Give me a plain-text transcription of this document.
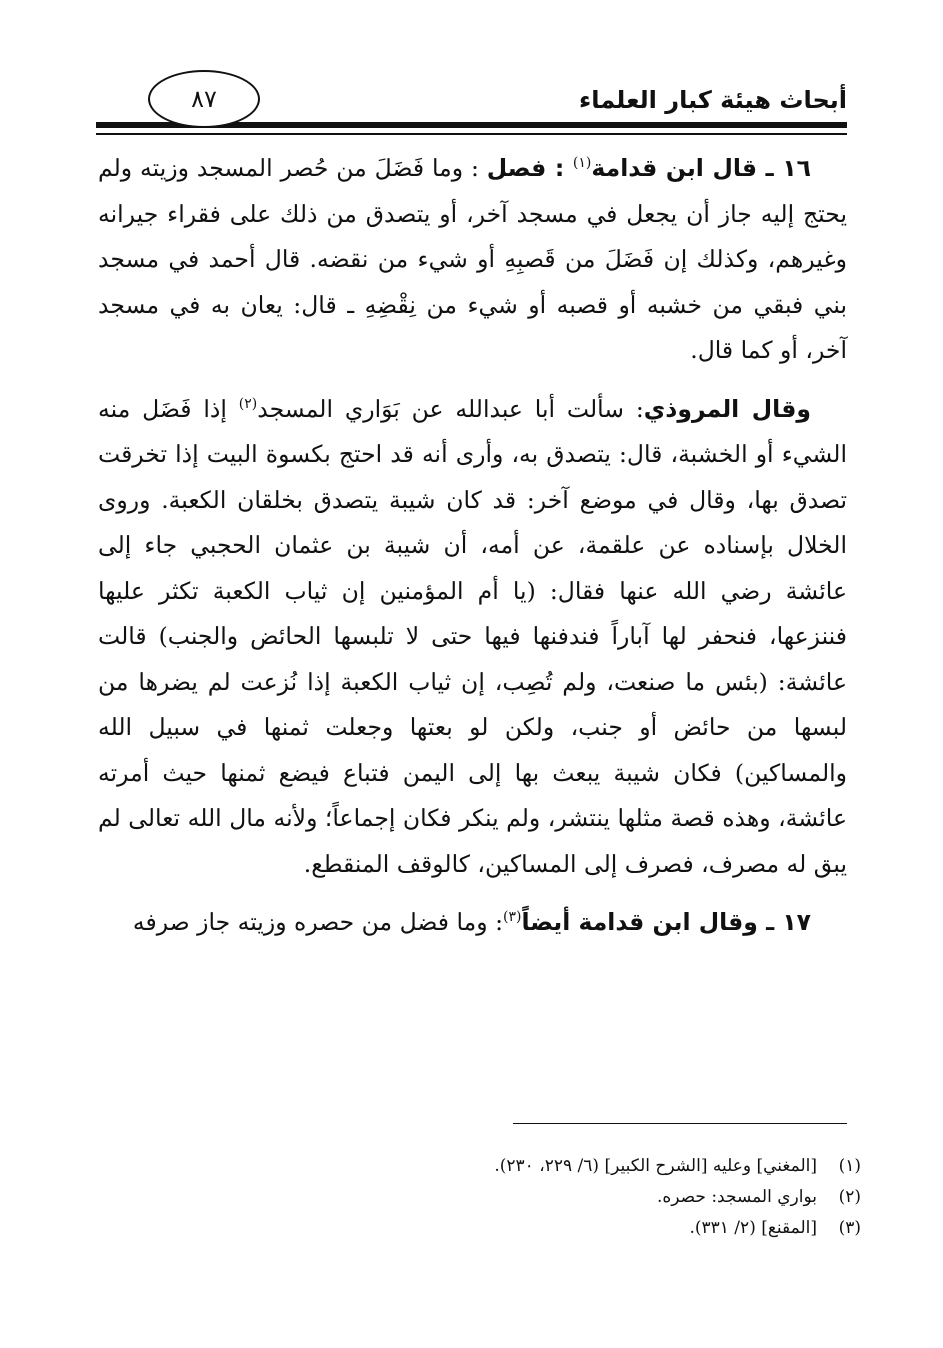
أبحاث هيئة كبار العلماء
٨٧

١٦ ـ قال ابن قدامة$^{(١)}$ : فصل : وما فَضَلَ من حُصر المسجد وزيته ولم يحتج إليه جاز أن يجعل في مسجد آخر، أو يتصدق من ذلك على فقراء جيرانه وغيرهم، وكذلك إن فَضَلَ من قَصبِهِ أو شيء من نقضه. قال أحمد في مسجد بني فبقي من خشبه أو قصبه أو شيء من نِقْضِهِ ـ قال: يعان به في مسجد آخر، أو كما قال.

وقال المروذي: سألت أبا عبدالله عن بَوَاري المسجد$^{(٢)}$ إذا فَضَل منه الشيء أو الخشبة، قال: يتصدق به، وأرى أنه قد احتج بكسوة البيت إذا تخرقت تصدق بها، وقال في موضع آخر: قد كان شيبة يتصدق بخلقان الكعبة. وروى الخلال بإسناده عن علقمة، عن أمه، أن شيبة بن عثمان الحجبي جاء إلى عائشة رضي الله عنها فقال: (يا أم المؤمنين إن ثياب الكعبة تكثر عليها فننزعها، فنحفر لها آباراً فندفنها فيها حتى لا تلبسها الحائض والجنب) قالت عائشة: (بئس ما صنعت، ولم تُصِب، إن ثياب الكعبة إذا نُزعت لم يضرها من لبسها من حائض أو جنب، ولكن لو بعتها وجعلت ثمنها في سبيل الله والمساكين) فكان شيبة يبعث بها إلى اليمن فتباع فيضع ثمنها حيث أمرته عائشة، وهذه قصة مثلها ينتشر، ولم ينكر فكان إجماعاً؛ ولأنه مال الله تعالى لم يبق له مصرف، فصرف إلى المساكين، كالوقف المنقطع.

١٧ ـ وقال ابن قدامة أيضاً$^{(٣)}$: وما فضل من حصره وزيته جاز صرفه

(١)[المغني] وعليه [الشرح الكبير] (٦/ ٢٢٩، ٢٣٠).
(٢)بواري المسجد: حصره.
(٣)[المقنع] (٢/ ٣٣١).
